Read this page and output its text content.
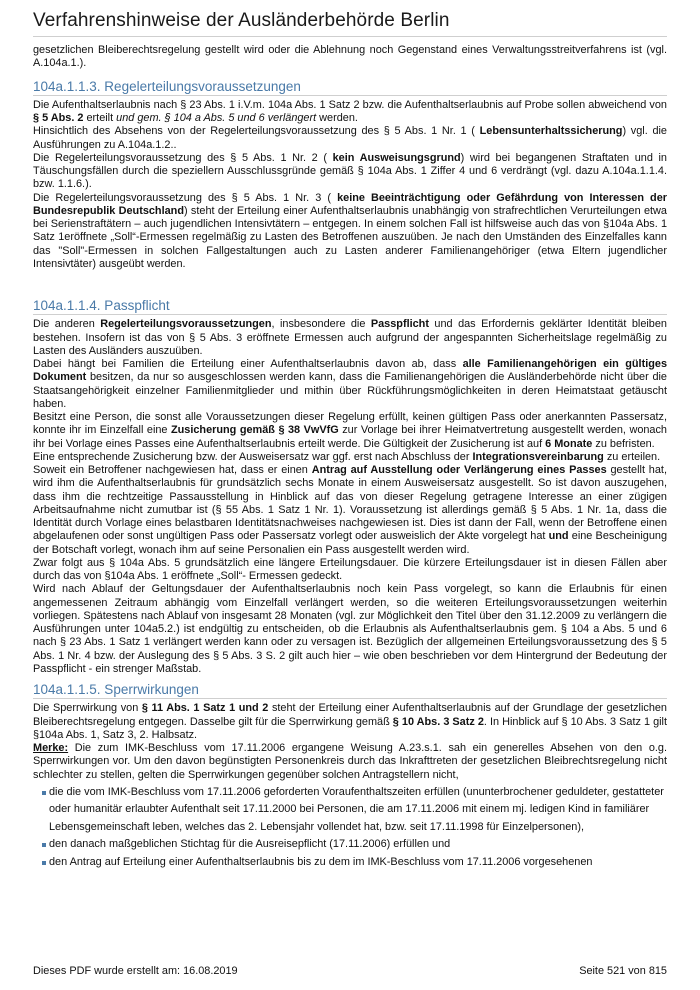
Verfahrenshinweise der Ausländerbehörde Berlin

gesetzlichen Bleiberechtsregelung gestellt wird oder die Ablehnung noch Gegenstand eines Verwaltungsstreitverfahrens ist (vgl. A.104a.1.).

104a.1.1.3. Regelerteilungsvoraussetzungen

Die Aufenthaltserlaubnis nach § 23 Abs. 1 i.V.m. 104a Abs. 1 Satz 2 bzw. die Aufenthaltserlaubnis auf Probe sollen abweichend von § 5 Abs. 2 erteilt und gem. § 104 a Abs. 5 und 6 verlängert werden.

Hinsichtlich des Absehens von der Regelerteilungsvoraussetzung des § 5 Abs. 1 Nr. 1 ( Lebensunterhaltssicherung) vgl. die Ausführungen zu A.104a.1.2..

Die Regelerteilungsvoraussetzung des § 5 Abs. 1 Nr. 2 ( kein Ausweisungsgrund) wird bei begangenen Straftaten und in Täuschungsfällen durch die speziellern Ausschlussgründe gemäß § 104a Abs. 1 Ziffer 4 und 6 verdrängt (vgl. dazu A.104a.1.1.4. bzw. 1.1.6.).

Die Regelerteilungsvoraussetzung des § 5 Abs. 1 Nr. 3 ( keine Beeinträchtigung oder Gefährdung von Interessen der Bundesrepublik Deutschland) steht der Erteilung einer Aufenthaltserlaubnis unabhängig von strafrechtlichen Verurteilungen etwa bei Serienstraftätern – auch jugendlichen Intensivtätern – entgegen. In einem solchen Fall ist hilfsweise auch das von §104a Abs. 1 Satz 1eröffnete „Soll“-Ermessen regelmäßig zu Lasten des Betroffenen auszuüben. Je nach den Umständen des Einzelfalles kann das "Soll"-Ermessen in solchen Fallgestaltungen auch zu Lasten anderer Familienangehöriger (etwa Eltern jugendlicher Intensivtäter) ausgeübt werden.

104a.1.1.4. Passpflicht

Die anderen Regelerteilungsvoraussetzungen, insbesondere die Passpflicht und das Erfordernis geklärter Identität bleiben bestehen. Insofern ist das von § 5 Abs. 3 eröffnete Ermessen auch aufgrund der angespannten Sicherheitslage regelmäßig zu Lasten des Ausländers auszuüben.

Dabei hängt bei Familien die Erteilung einer Aufenthaltserlaubnis davon ab, dass alle Familienangehörigen ein gültiges Dokument besitzen, da nur so ausgeschlossen werden kann, dass die Familienangehörigen die Ausländerbehörde nicht über die Staatsangehörigkeit einzelner Familienmitglieder und mithin über Rückführungsmöglichkeiten in deren Heimatstaat getäuscht haben.

Besitzt eine Person, die sonst alle Voraussetzungen dieser Regelung erfüllt, keinen gültigen Pass oder anerkannten Passersatz, konnte ihr im Einzelfall eine Zusicherung gemäß § 38 VwVfG zur Vorlage bei ihrer Heimatvertretung ausgestellt werden, wonach ihr bei Vorlage eines Passes eine Aufenthaltserlaubnis erteilt werde. Die Gültigkeit der Zusicherung ist auf 6 Monate zu befristen.

Eine entsprechende Zusicherung bzw. der Ausweisersatz war ggf. erst nach Abschluss der Integrationsvereinbarung zu erteilen.

Soweit ein Betroffener nachgewiesen hat, dass er einen Antrag auf Ausstellung oder Verlängerung eines Passes gestellt hat, wird ihm die Aufenthaltserlaubnis für grundsätzlich sechs Monate in einem Ausweisersatz ausgestellt. So ist davon auszugehen, dass ihm die rechtzeitige Passausstellung in Hinblick auf das von dieser Regelung getragene Interesse an einer zügigen Arbeitsaufnahme nicht zumutbar ist (§ 55 Abs. 1 Satz 1 Nr. 1). Voraussetzung ist allerdings gemäß § 5 Abs. 1 Nr. 1a, dass die Identität durch Vorlage eines belastbaren Identitätsnachweises nachgewiesen ist. Dies ist dann der Fall, wenn der Betroffene einen abgelaufenen oder sonst ungültigen Pass oder Passersatz vorlegt oder ausweislich der Akte vorgelegt hat und eine Bescheinigung der Botschaft vorlegt, wonach ihm auf seine Personalien ein Pass ausgestellt werden wird.

Zwar folgt aus § 104a Abs. 5 grundsätzlich eine längere Erteilungsdauer. Die kürzere Erteilungsdauer ist in diesen Fällen aber durch das von §104a Abs. 1 eröffnete „Soll“- Ermessen gedeckt.

Wird nach Ablauf der Geltungsdauer der Aufenthaltserlaubnis noch kein Pass vorgelegt, so kann die Erlaubnis für einen angemessenen Zeitraum abhängig vom Einzelfall verlängert werden, so die weiteren Erteilungsvoraussetzungen weiterhin vorliegen. Spätestens nach Ablauf von insgesamt 28 Monaten (vgl. zur Möglichkeit den Titel über den 31.12.2009 zu verlängern die Ausführungen unter 104a5.2.) ist endgültig zu entscheiden, ob die Erlaubnis als Aufenthaltserlaubnis gem. § 104 a Abs. 5 und 6 nach § 23 Abs. 1 Satz 1 verlängert werden kann oder zu versagen ist. Bezüglich der allgemeinen Erteilungsvoraussetzung des § 5 Abs. 1 Nr. 4 bzw. der Auslegung des § 5 Abs. 3 S. 2 gilt auch hier – wie oben beschrieben vor dem Hintergrund der Bedeutung der Passpflicht - ein strenger Maßstab.

104a.1.1.5. Sperrwirkungen

Die Sperrwirkung von § 11 Abs. 1 Satz 1 und 2 steht der Erteilung einer Aufenthaltserlaubnis auf der Grundlage der gesetzlichen Bleiberechtsregelung entgegen. Dasselbe gilt für die Sperrwirkung gemäß § 10 Abs. 3 Satz 2. In Hinblick auf § 10 Abs. 3 Satz 1 gilt §104a Abs. 1, Satz 3, 2. Halbsatz.

Merke: Die zum IMK-Beschluss vom 17.11.2006 ergangene Weisung A.23.s.1. sah ein generelles Absehen von den o.g. Sperrwirkungen vor. Um den davon begünstigten Personenkreis durch das Inkrafttreten der gesetzlichen Bleibrechtsregelung nicht schlechter zu stellen, gelten die Sperrwirkungen gegenüber solchen Antragstellern nicht,

die die vom IMK-Beschluss vom 17.11.2006 geforderten Voraufenthaltszeiten erfüllen (ununterbrochener geduldeter, gestatteter oder humanitär erlaubter Aufenthalt seit 17.11.2000 bei Personen, die am 17.11.2006 mit einem mj. ledigen Kind in familiärer Lebensgemeinschaft leben, welches das 2. Lebensjahr vollendet hat, bzw. seit 17.11.1998 für Einzelpersonen),
den danach maßgeblichen Stichtag für die Ausreisepflicht (17.11.2006) erfüllen und
den Antrag auf Erteilung einer Aufenthaltserlaubnis bis zu dem im IMK-Beschluss vom 17.11.2006 vorgesehenen
Dieses PDF wurde erstellt am: 16.08.2019	Seite 521 von 815
